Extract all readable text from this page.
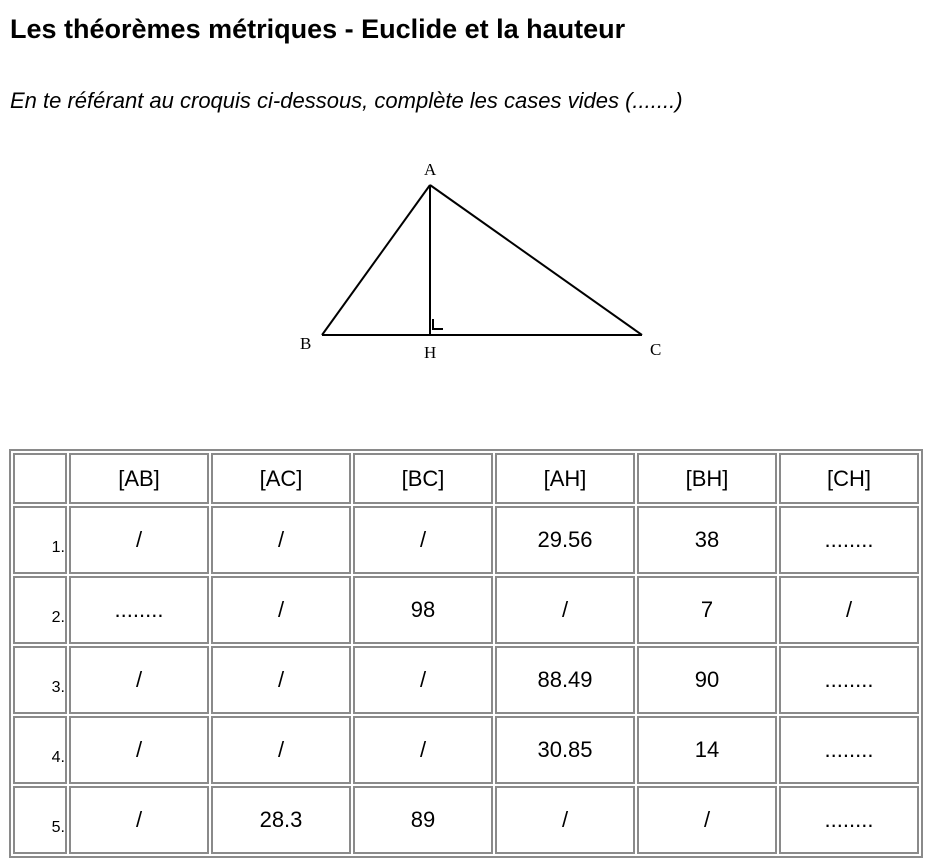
Les théorèmes métriques - Euclide et la hauteur

En te référant au croquis ci-dessous, complète les cases vides (.......)

A
B	H	C
	[AB]	[AC]	[BC]	[AH]	[BH]	[CH]
1.	/	/	/	29.56	38	........
2.	........	/	98	/	7	/
3.	/	/	/	88.49	90	........
4.	/	/	/	30.85	14	........
5.	/	28.3	89	/	/	........
